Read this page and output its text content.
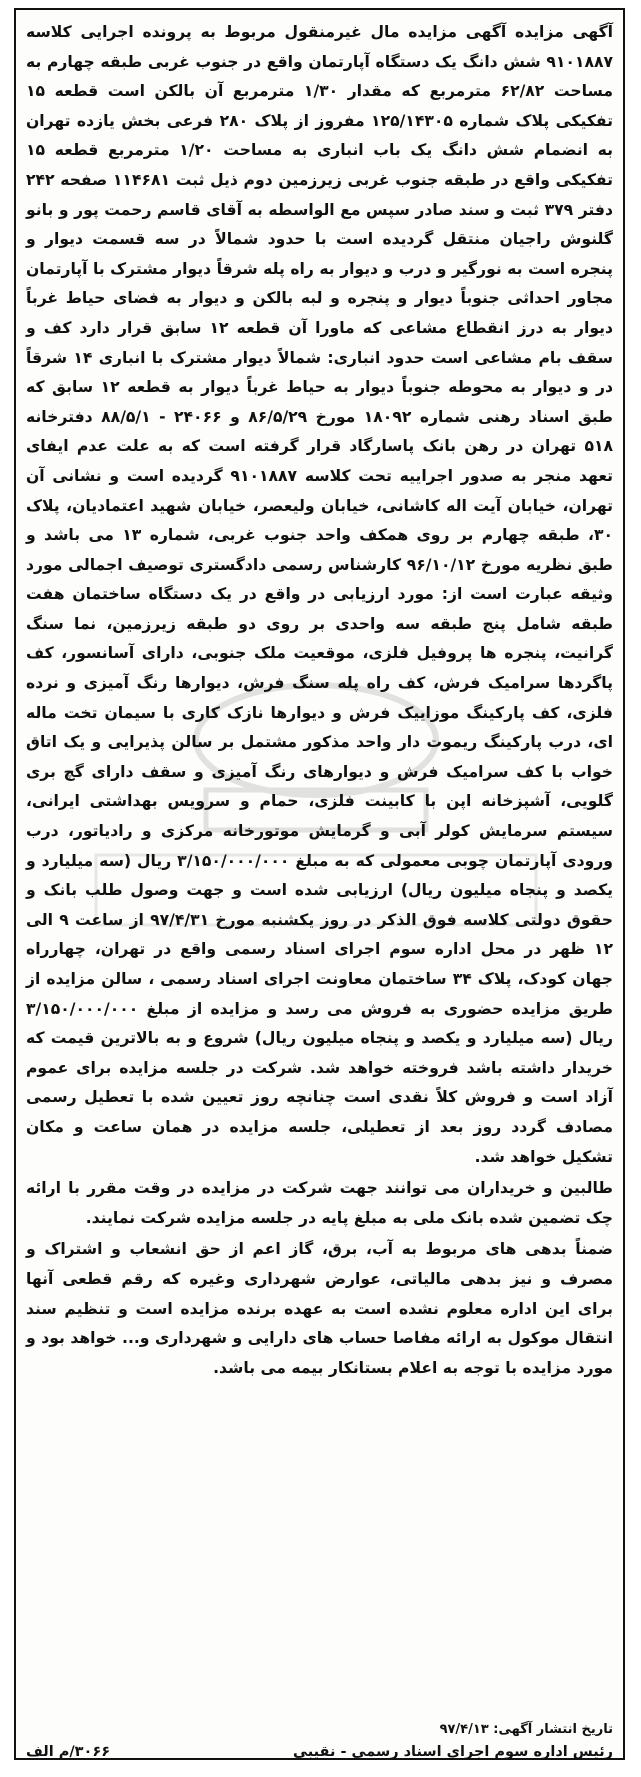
آگهی مزایده آگهی مزایده مال غیرمنقول مربوط به پرونده اجرایی کلاسه ۹۱۰۱۸۸۷ شش دانگ یک دستگاه آپارتمان واقع در جنوب غربی طبقه چهارم به مساحت ۶۲/۸۲ مترمربع که مقدار ۱/۳۰ مترمربع آن بالکن است قطعه ۱۵ تفکیکی پلاک شماره ۱۲۵/۱۴۳۰۵ مفروز از پلاک ۲۸۰ فرعی بخش یازده تهران به انضمام شش دانگ یک باب انباری به مساحت ۱/۲۰ مترمربع قطعه ۱۵ تفکیکی واقع در طبقه جنوب غربی زیرزمین دوم ذیل ثبت ۱۱۴۶۸۱ صفحه ۲۴۲ دفتر ۳۷۹ ثبت و سند صادر سپس مع الواسطه به آقای قاسم رحمت پور و بانو گلنوش راجیان منتقل گردیده است با حدود شمالاً در سه قسمت دیوار و پنجره است به نورگیر و درب و دیوار به راه پله شرقاً دیوار مشترک با آپارتمان مجاور احداثی جنوباً دیوار و پنجره و لبه بالکن و دیوار به فضای حیاط غرباً دیوار به درز انقطاع مشاعی که ماورا آن قطعه ۱۲ سابق قرار دارد کف و سقف بام مشاعی است حدود انباری: شمالاً دیوار مشترک با انباری ۱۴ شرقاً در و دیوار به محوطه جنوباً دیوار به حیاط غرباً دیوار به قطعه ۱۲ سابق که طبق اسناد رهنی شماره ۱۸۰۹۲ مورخ ۸۶/۵/۲۹ و ۲۴۰۶۶ - ۸۸/۵/۱ دفترخانه ۵۱۸ تهران در رهن بانک پاسارگاد قرار گرفته است که به علت عدم ایفای تعهد منجر به صدور اجراییه تحت کلاسه ۹۱۰۱۸۸۷ گردیده است و نشانی آن تهران، خیابان آیت اله کاشانی، خیابان ولیعصر، خیابان شهید اعتمادیان، پلاک ۳۰، طبقه چهارم بر روی همکف واحد جنوب غربی، شماره ۱۳ می باشد و طبق نظریه مورخ ۹۶/۱۰/۱۲ کارشناس رسمی دادگستری توصیف اجمالی مورد وثیقه عبارت است از: مورد ارزیابی در واقع در یک دستگاه ساختمان هفت طبقه شامل پنج طبقه سه واحدی بر روی دو طبقه زیرزمین، نما سنگ گرانیت، پنجره ها پروفیل فلزی، موقعیت ملک جنوبی، دارای آسانسور، کف پاگردها سرامیک فرش، کف راه پله سنگ فرش، دیوارها رنگ آمیزی و نرده فلزی، کف پارکینگ موزاییک فرش و دیوارها نازک کاری با سیمان تخت ماله ای، درب پارکینگ ریموت دار واحد مذکور مشتمل بر سالن پذیرایی و یک اتاق خواب با کف سرامیک فرش و دیوارهای رنگ آمیزی و سقف دارای گچ بری گلویی، آشپزخانه اپن با کابینت فلزی، حمام و سرویس بهداشتی ایرانی، سیستم سرمایش کولر آبی و گرمایش موتورخانه مرکزی و رادیاتور، درب ورودی آپارتمان چوبی معمولی که به مبلغ ۳/۱۵۰/۰۰۰/۰۰۰ ریال (سه میلیارد و یکصد و پنجاه میلیون ریال) ارزیابی شده است و جهت وصول طلب بانک و حقوق دولتی کلاسه فوق الذکر در روز یکشنبه مورخ ۹۷/۴/۳۱ از ساعت ۹ الی ۱۲ ظهر در محل اداره سوم اجرای اسناد رسمی واقع در تهران، چهارراه جهان کودک، پلاک ۳۴ ساختمان معاونت اجرای اسناد رسمی ، سالن مزایده از طریق مزایده حضوری به فروش می رسد و مزایده از مبلغ ۳/۱۵۰/۰۰۰/۰۰۰ ریال (سه میلیارد و یکصد و پنجاه میلیون ریال) شروع و به بالاترین قیمت که خریدار داشته باشد فروخته خواهد شد. شرکت در جلسه مزایده برای عموم آزاد است و فروش کلاً نقدی است چنانچه روز تعیین شده با تعطیل رسمی مصادف گردد روز بعد از تعطیلی، جلسه مزایده در همان ساعت و مکان تشکیل خواهد شد.

طالبین و خریداران می توانند جهت شرکت در مزایده در وقت مقرر با ارائه چک تضمین شده بانک ملی به مبلغ پایه در جلسه مزایده شرکت نمایند.

ضمناً بدهی های مربوط به آب، برق، گاز اعم از حق انشعاب و اشتراک و مصرف و نیز بدهی مالیاتی، عوارض شهرداری وغیره که رقم قطعی آنها برای این اداره معلوم نشده است به عهده برنده مزایده است و تنظیم سند انتقال موکول به ارائه مفاصا حساب های دارایی و شهرداری و... خواهد بود و مورد مزایده با توجه به اعلام بستانکار بیمه می باشد.

تاریخ انتشار آگهی: ۹۷/۴/۱۳
رئیس اداره سوم اجرای اسناد رسمی - نقیبی
۳۰۶۶/م الف
